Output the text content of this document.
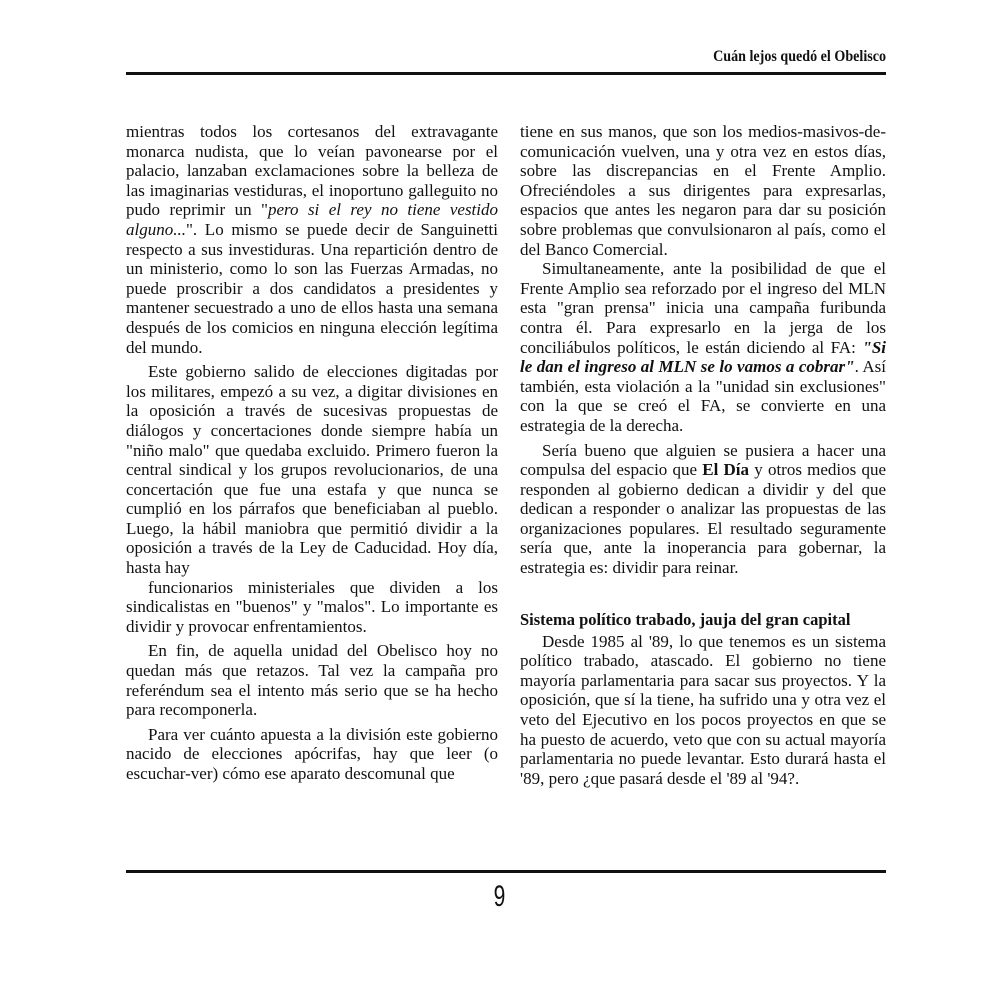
Cuán lejos quedó el Obelisco

mientras todos los cortesanos del extravagante monarca nudista, que lo veían pavonearse por el palacio, lanzaban exclamaciones sobre la belleza de las imaginarias vestiduras, el inoportuno galleguito no pudo reprimir un "pero si el rey no tiene vestido alguno...". Lo mismo se puede decir de Sanguinetti respecto a sus investiduras. Una repartición dentro de un ministerio, como lo son las Fuerzas Armadas, no puede proscribir a dos candidatos a presidentes y mantener secuestrado a uno de ellos hasta una semana después de los comicios en ninguna elección legítima del mundo.

Este gobierno salido de elecciones digitadas por los militares, empezó a su vez, a digitar divisiones en la oposición a través de sucesivas propuestas de diálogos y concertaciones donde siempre había un "niño malo" que quedaba excluido. Primero fueron la central sindical y los grupos revolucionarios, de una concertación que fue una estafa y que nunca se cumplió en los párrafos que beneficiaban al pueblo. Luego, la hábil maniobra que permitió dividir a la oposición a través de la Ley de Caducidad. Hoy día, hasta hay

funcionarios ministeriales que dividen a los sindicalistas en "buenos" y "malos". Lo importante es dividir y provocar enfrentamientos.

En fin, de aquella unidad del Obelisco hoy no quedan más que retazos. Tal vez la campaña pro referéndum sea el intento más serio que se ha hecho para recomponerla.

Para ver cuánto apuesta a la división este gobierno nacido de elecciones apócrifas, hay que leer (o escuchar-ver) cómo ese aparato descomunal que

tiene en sus manos, que son los medios-masivos-de-comunicación vuelven, una y otra vez en estos días, sobre las discrepancias en el Frente Amplio. Ofreciéndoles a sus dirigentes para expresarlas, espacios que antes les negaron para dar su posición sobre problemas que convulsionaron al país, como el del Banco Comercial.

Simultaneamente, ante la posibilidad de que el Frente Amplio sea reforzado por el ingreso del MLN esta "gran prensa" inicia una campaña furibunda contra él. Para expresarlo en la jerga de los conciliábulos políticos, le están diciendo al FA: "Si le dan el ingreso al MLN se lo vamos a cobrar". Así también, esta violación a la "unidad sin exclusiones" con la que se creó el FA, se convierte en una estrategia de la derecha.

Sería bueno que alguien se pusiera a hacer una compulsa del espacio que El Día y otros medios que responden al gobierno dedican a dividir y del que dedican a responder o analizar las propuestas de las organizaciones populares. El resultado seguramente sería que, ante la inoperancia para gobernar, la estrategia es: dividir para reinar.

Sistema político trabado, jauja del gran capital

Desde 1985 al '89, lo que tenemos es un sistema político trabado, atascado. El gobierno no tiene mayoría parlamentaria para sacar sus proyectos. Y la oposición, que sí la tiene, ha sufrido una y otra vez el veto del Ejecutivo en los pocos proyectos en que se ha puesto de acuerdo, veto que con su actual mayoría parlamentaria no puede levantar. Esto durará hasta el '89, pero ¿que pasará desde el '89 al '94?.

9
